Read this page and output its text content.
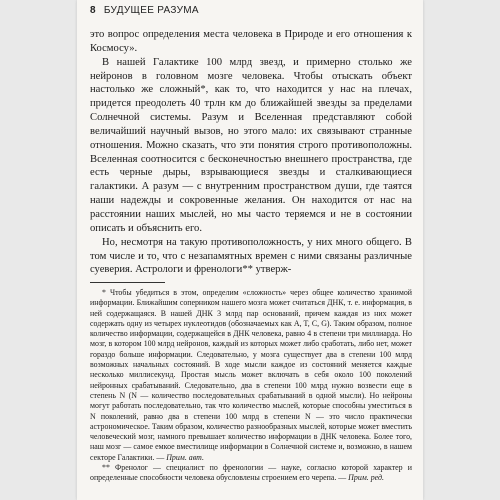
8 БУДУЩЕЕ РАЗУМА

это вопрос определения места человека в Природе и его отношения к Космосу».

В нашей Галактике 100 млрд звезд, и примерно столько же нейронов в головном мозге человека. Чтобы отыскать объект настолько же сложный*, как то, что находится у нас на плечах, придется преодолеть 40 трлн км до ближайшей звезды за пределами Солнечной системы. Разум и Вселенная представляют собой величайший научный вызов, но этого мало: их связывают странные отношения. Можно сказать, что эти понятия строго противоположны. Вселенная соотносится с бесконечностью внешнего пространства, где есть черные дыры, взрывающиеся звезды и сталкивающиеся галактики. А разум — с внутренним пространством души, где таятся наши надежды и сокровенные желания. Он находится от нас на расстоянии наших мыслей, но мы часто теряемся и не в состоянии описать и объяснить его.

Но, несмотря на такую противоположность, у них много общего. В том числе и то, что с незапамятных времен с ними связаны различные суеверия. Астрологи и френологи** утверж-

* Чтобы убедиться в этом, определим «сложность» через общее количество хранимой информации. Ближайшим соперником нашего мозга может считаться ДНК, т. е. информация, в ней содержащаяся. В нашей ДНК 3 млрд пар оснований, причем каждая из них может содержать одну из четырех нуклеотидов (обозначаемых как A, T, C, G). Таким образом, полное количество информации, содержащейся в ДНК человека, равно 4 в степени три миллиарда. Но мозг, в котором 100 млрд нейронов, каждый из которых может либо сработать, либо нет, может гораздо больше информации. Следовательно, у мозга существует два в степени 100 млрд возможных начальных состояний. В ходе мысли каждое из состояний меняется каждые несколько миллисекунд. Простая мысль может включать в себя около 100 поколений нейронных срабатываний. Следовательно, два в степени 100 млрд нужно возвести еще в степень N (N — количество последовательных срабатываний в одной мысли). Но нейроны могут работать последовательно, так что количество мыслей, которые способны уместиться в N поколений, равно два в степени 100 млрд в степени N — это число практически астрономическое. Таким образом, количество разнообразных мыслей, которые может вместить человеческий мозг, намного превышает количество информации в ДНК человека. Более того, наш мозг — самое емкое вместилище информации в Солнечной системе и, возможно, в нашем секторе Галактики. — Прим. авт.

** Френолог — специалист по френологии — науке, согласно которой характер и определенные способности человека обусловлены строением его черепа. — Прим. ред.
